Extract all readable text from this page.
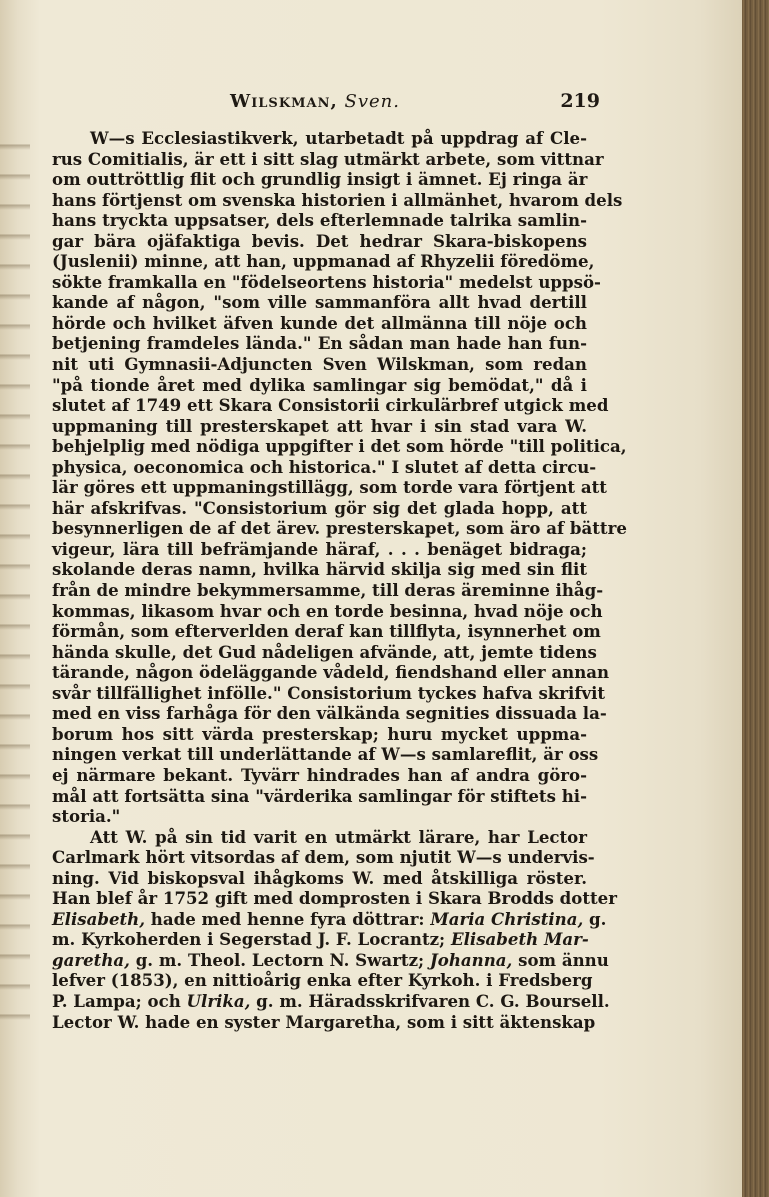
Wilskman, Sven.	219
W—s Ecclesiastikverk, utarbetadt på uppdrag af Cle-
rus Comitialis, är ett i sitt slag utmärkt arbete, som vittnar
om outtröttlig flit och grundlig insigt i ämnet. Ej ringa är
hans förtjenst om svenska historien i allmänhet, hvarom dels
hans tryckta uppsatser, dels efterlemnade talrika samlin-
gar bära ojäfaktiga bevis. Det hedrar Skara-biskopens
(Juslenii) minne, att han, uppmanad af Rhyzelii föredöme,
sökte framkalla en "födelseortens historia" medelst uppsö-
kande af någon, "som ville sammanföra allt hvad dertill
hörde och hvilket äfven kunde det allmänna till nöje och
betjening framdeles lända." En sådan man hade han fun-
nit uti Gymnasii-Adjuncten Sven Wilskman, som redan
"på tionde året med dylika samlingar sig bemödat," då i
slutet af 1749 ett Skara Consistorii cirkulärbref utgick med
uppmaning till presterskapet att hvar i sin stad vara W.
behjelplig med nödiga uppgifter i det som hörde "till politica,
physica, oeconomica och historica." I slutet af detta circu-
lär göres ett uppmaningstillägg, som torde vara förtjent att
här afskrifvas. "Consistorium gör sig det glada hopp, att
besynnerligen de af det ärev. presterskapet, som äro af bättre
vigeur, lära till befrämjande häraf, . . . benäget bidraga;
skolande deras namn, hvilka härvid skilja sig med sin flit
från de mindre bekymmersamme, till deras äreminne ihåg-
kommas, likasom hvar och en torde besinna, hvad nöje och
förmån, som efterverlden deraf kan tillflyta, isynnerhet om
hända skulle, det Gud nådeligen afvände, att, jemte tidens
tärande, någon ödeläggande vådeld, fiendshand eller annan
svår tillfällighet infölle." Consistorium tyckes hafva skrifvit
med en viss farhåga för den välkända segnities dissuada la-
borum hos sitt värda presterskap; huru mycket uppma-
ningen verkat till underlättande af W—s samlareflit, är oss
ej närmare bekant. Tyvärr hindrades han af andra göro-
mål att fortsätta sina "värderika samlingar för stiftets hi-
storia."
Att W. på sin tid varit en utmärkt lärare, har Lector
Carlmark hört vitsordas af dem, som njutit W—s undervis-
ning. Vid biskopsval ihågkoms W. med åtskilliga röster.
Han blef år 1752 gift med domprosten i Skara Brodds dotter
Elisabeth, hade med henne fyra döttrar: Maria Christina, g.
m. Kyrkoherden i Segerstad J. F. Locrantz; Elisabeth Mar-
garetha, g. m. Theol. Lectorn N. Swartz; Johanna, som ännu
lefver (1853), en nittioårig enka efter Kyrkoh. i Fredsberg
P. Lampa; och Ulrika, g. m. Häradsskrifvaren C. G. Boursell.
Lector W. hade en syster Margaretha, som i sitt äktenskap
